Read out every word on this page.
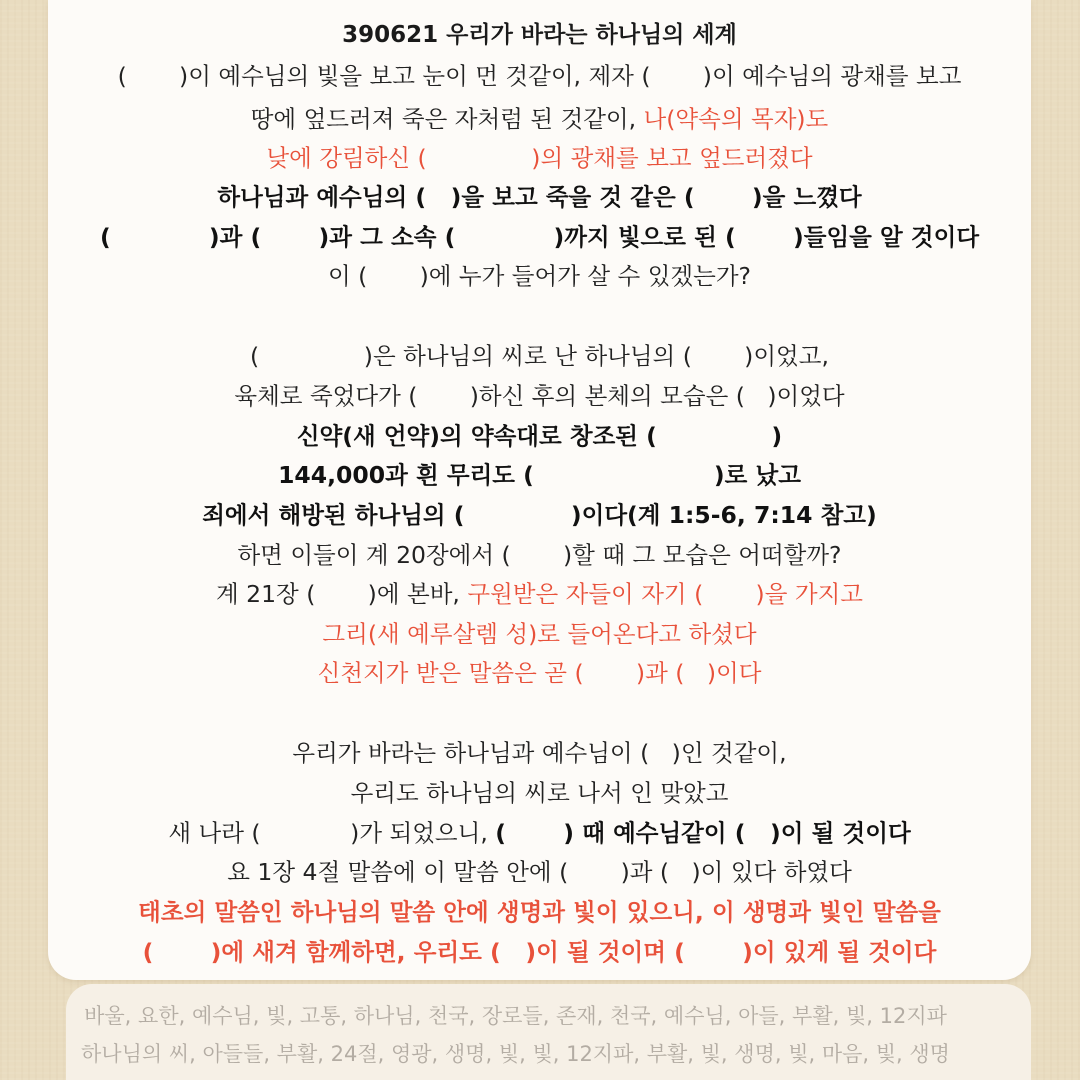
390621 우리가 바라는 하나님의 세계
(       )이 예수님의 빛을 보고 눈이 먼 것같이, 제자 (       )이 예수님의 광채를 보고
땅에 엎드러져 죽은 자처럼 된 것같이, 나(약속의 목자)도
낮에 강림하신 (              )의 광채를 보고 엎드러졌다
하나님과 예수님의 (   )을 보고 죽을 것 같은 (       )을 느꼈다
(            )과 (       )과 그 소속 (            )까지 빛으로 된 (       )들임을 알 것이다
이 (       )에 누가 들어가 살 수 있겠는가?
(              )은 하나님의 씨로 난 하나님의 (       )이었고,
육체로 죽었다가 (       )하신 후의 본체의 모습은 (   )이었다
신약(새 언약)의 약속대로 창조된 (              )
144,000과 흰 무리도 (                      )로 났고
죄에서 해방된 하나님의 (             )이다(계 1:5-6, 7:14 참고)
하면 이들이 계 20장에서 (       )할 때 그 모습은 어떠할까?
계 21장 (       )에 본바, 구원받은 자들이 자기 (       )을 가지고
그리(새 예루살렘 성)로 들어온다고 하셨다
신천지가 받은 말씀은 곧 (       )과 (   )이다
우리가 바라는 하나님과 예수님이 (   )인 것같이,
우리도 하나님의 씨로 나서 인 맞았고
새 나라 (            )가 되었으니, (       ) 때 예수님같이 (   )이 될 것이다
요 1장 4절 말씀에 이 말씀 안에 (       )과 (   )이 있다 하였다
태초의 말씀인 하나님의 말씀 안에 생명과 빛이 있으니, 이 생명과 빛인 말씀을
(       )에 새겨 함께하면, 우리도 (   )이 될 것이며 (       )이 있게 될 것이다
바울, 요한, 예수님, 빛, 고통, 하나님, 천국, 장로들, 존재, 천국, 예수님, 아들, 부활, 빛, 12지파
하나님의 씨, 아들들, 부활, 24절, 영광, 생명, 빛, 빛, 12지파, 부활, 빛, 생명, 빛, 마음, 빛, 생명
